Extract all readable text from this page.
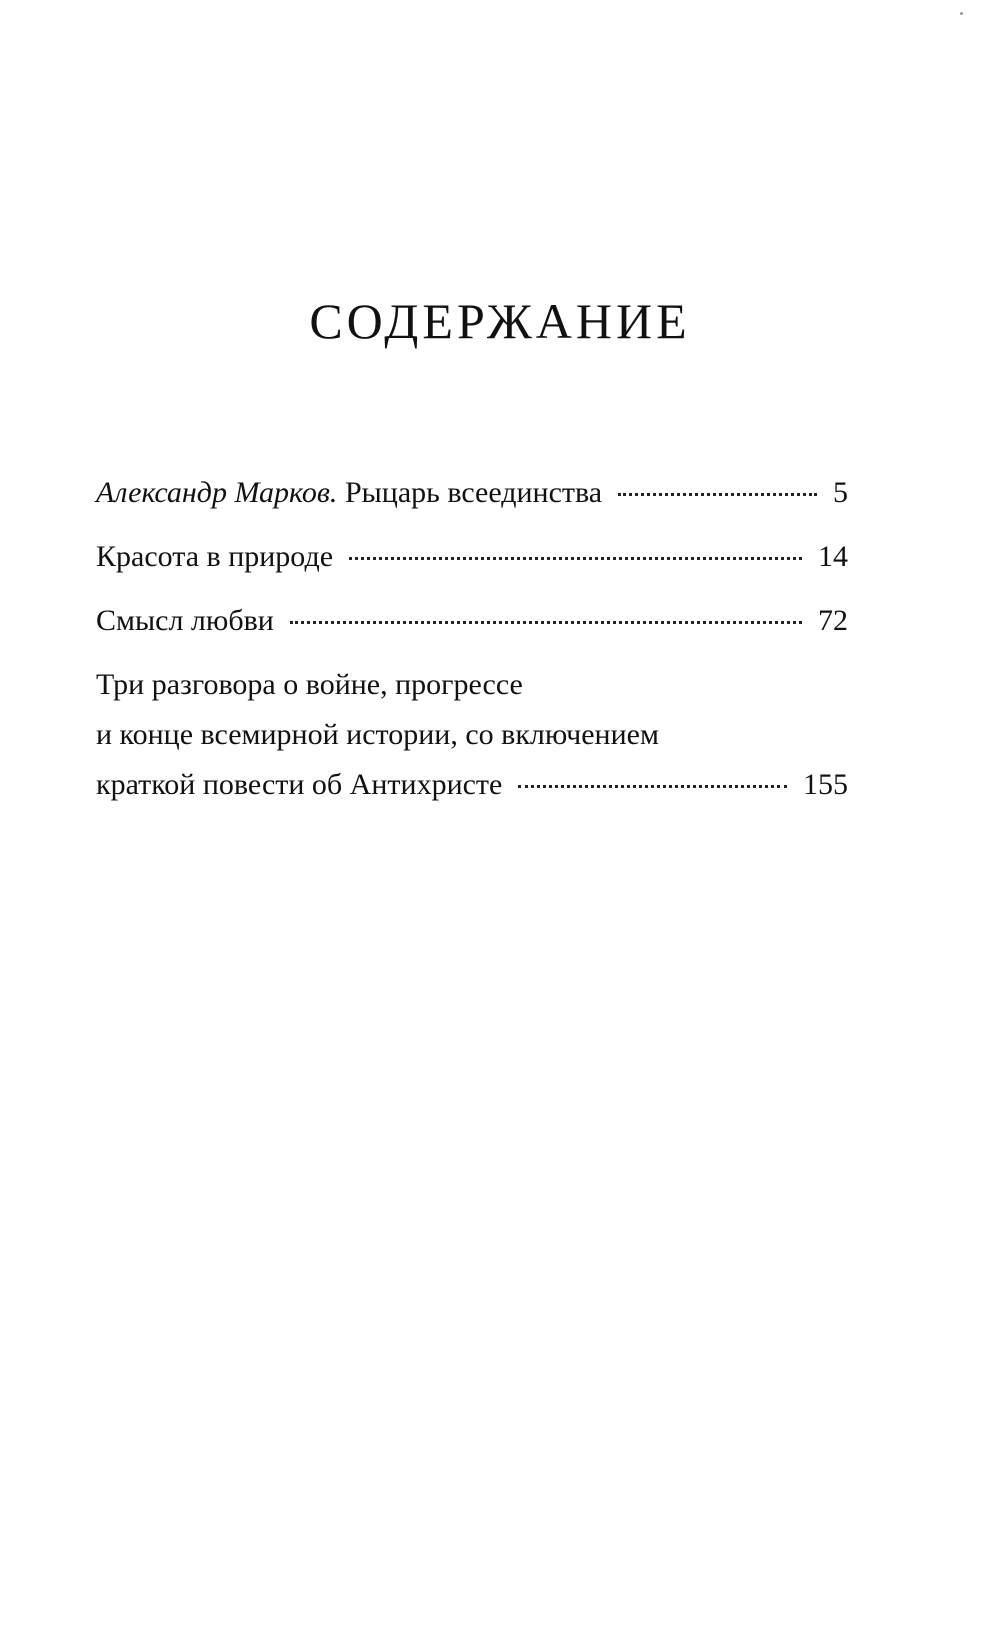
СОДЕРЖАНИЕ
Александр Марков. Рыцарь всеединства	5
Красота в природе	14
Смысл любви	72
Три разговора о войне, прогрессе
и конце всемирной истории, со включением
краткой повести об Антихристе	155
